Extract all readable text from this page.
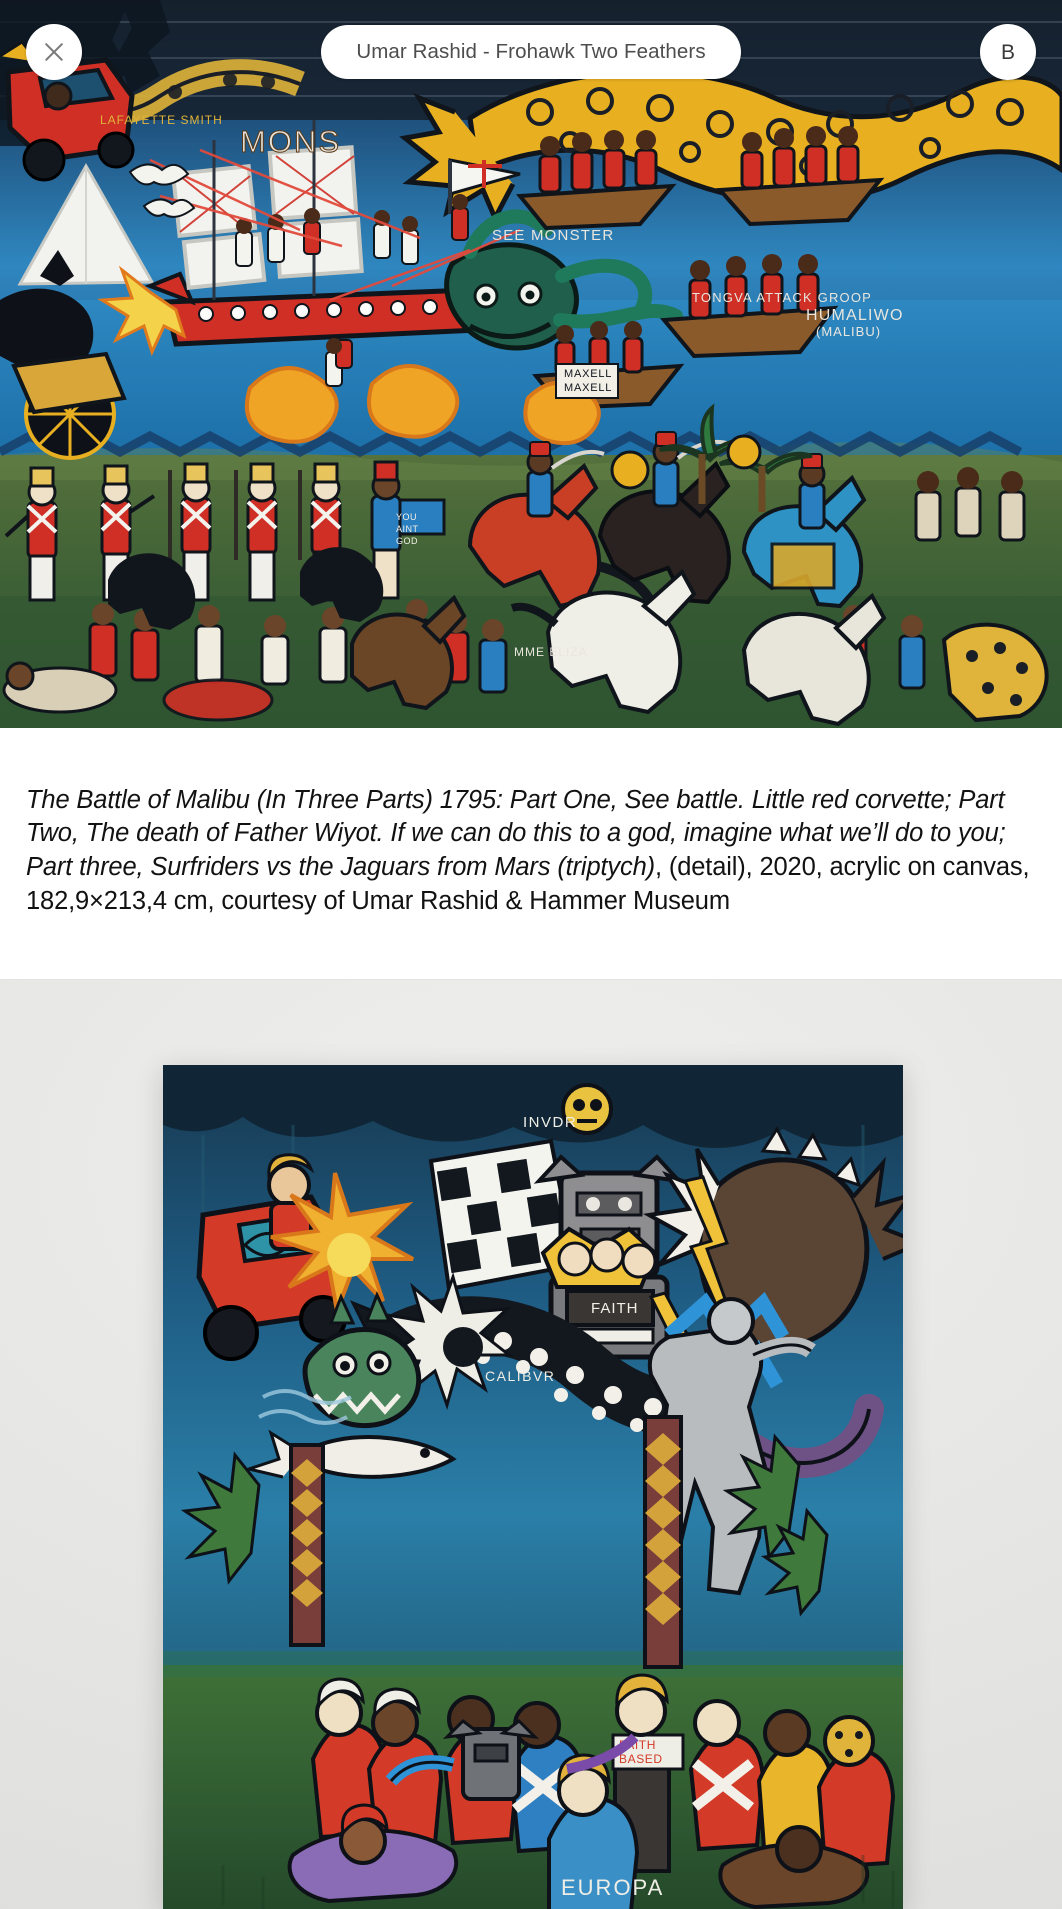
Umar Rashid - Frohawk Two Feathers	B
MONS
SEE MONSTER
TONGVA ATTACK GROOP
HUMALIWO
(MALIBU)
LAFAYETTE SMITH
MME ELIZA
YOU
AINT
GOD
MAXELL
MAXELL

The Battle of Malibu (In Three Parts) 1795: Part One, See battle. Little red corvette; Part Two, The death of Father Wiyot. If we can do this to a god, imagine what we’ll do to you; Part three, Surfriders vs the Jaguars from Mars (triptych), (detail), 2020, acrylic on canvas, 182,9×213,4 cm, courtesy of Umar Rashid & Hammer Museum

FAITH
CALIBVR
INVDR
FAITH
BASED
EUROPA
